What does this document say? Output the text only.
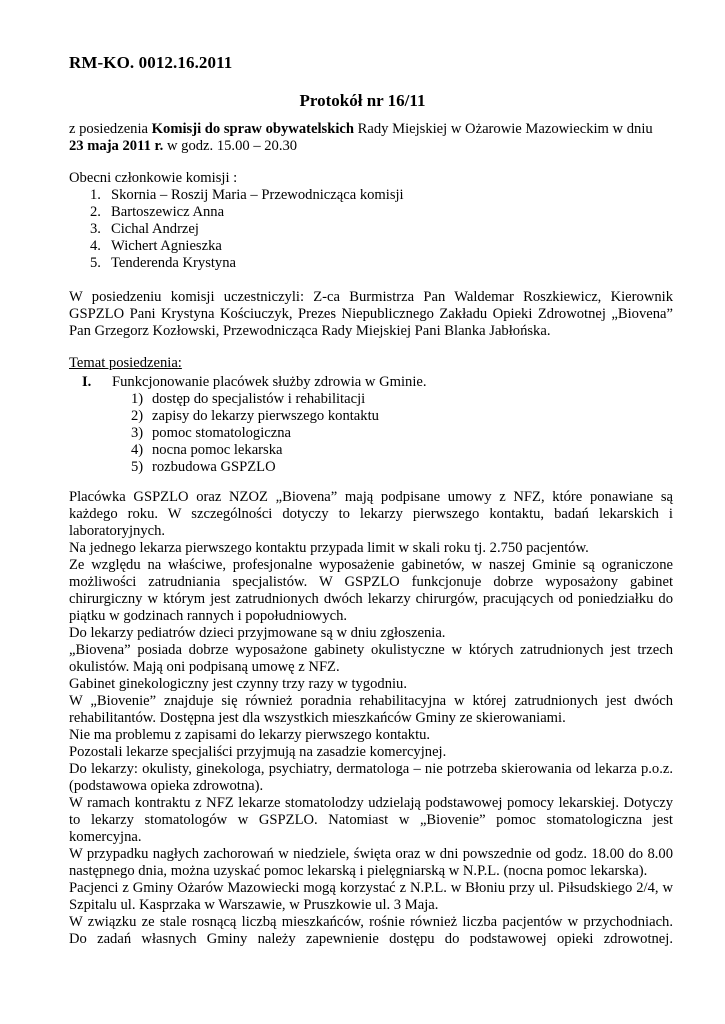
RM-KO. 0012.16.2011
Protokół nr 16/11
z posiedzenia Komisji do spraw obywatelskich Rady Miejskiej w Ożarowie Mazowieckim w dniu
23 maja 2011 r. w godz. 15.00 – 20.30
Obecni członkowie komisji :
1. Skornia – Roszij Maria – Przewodnicząca komisji
2. Bartoszewicz Anna
3. Cichal Andrzej
4. Wichert Agnieszka
5. Tenderenda Krystyna
W posiedzeniu komisji uczestniczyli: Z-ca Burmistrza Pan Waldemar Roszkiewicz, Kierownik
GSPZLO Pani Krystyna Kościuczyk, Prezes Niepublicznego Zakładu Opieki Zdrowotnej „Biovena”
Pan Grzegorz Kozłowski, Przewodnicząca Rady Miejskiej Pani Blanka Jabłońska.
Temat posiedzenia:
I. Funkcjonowanie placówek służby zdrowia w Gminie.
1) dostęp do specjalistów i rehabilitacji
2) zapisy do lekarzy pierwszego kontaktu
3) pomoc stomatologiczna
4) nocna pomoc lekarska
5) rozbudowa GSPZLO
Placówka GSPZLO oraz NZOZ „Biovena” mają podpisane umowy z NFZ, które ponawiane są
każdego roku. W szczególności dotyczy to lekarzy pierwszego kontaktu, badań lekarskich i
laboratoryjnych.
Na jednego lekarza pierwszego kontaktu przypada limit w skali roku tj. 2.750 pacjentów.
Ze względu na właściwe, profesjonalne wyposażenie gabinetów, w naszej Gminie są ograniczone
możliwości zatrudniania specjalistów. W GSPZLO funkcjonuje dobrze wyposażony gabinet
chirurgiczny w którym jest zatrudnionych dwóch lekarzy chirurgów, pracujących od poniedziałku do
piątku w godzinach rannych i popołudniowych.
Do lekarzy pediatrów dzieci przyjmowane są w dniu zgłoszenia.
„Biovena” posiada dobrze wyposażone gabinety okulistyczne w których zatrudnionych jest trzech
okulistów. Mają oni podpisaną umowę z NFZ.
Gabinet ginekologiczny jest czynny trzy razy w tygodniu.
W „Biovenie” znajduje się również poradnia rehabilitacyjna w której zatrudnionych jest dwóch
rehabilitantów. Dostępna jest dla wszystkich mieszkańców Gminy ze skierowaniami.
Nie ma problemu z zapisami do lekarzy pierwszego kontaktu.
Pozostali lekarze specjaliści przyjmują na zasadzie komercyjnej.
Do lekarzy: okulisty, ginekologa, psychiatry, dermatologa – nie potrzeba skierowania od lekarza p.o.z.
(podstawowa opieka zdrowotna).
W ramach kontraktu z NFZ lekarze stomatolodzy udzielają podstawowej pomocy lekarskiej. Dotyczy
to lekarzy stomatologów w GSPZLO. Natomiast w „Biovenie” pomoc stomatologiczna jest
komercyjna.
W przypadku nagłych zachorowań w niedziele, święta oraz w dni powszednie od godz. 18.00 do 8.00
następnego dnia, można uzyskać pomoc lekarską i pielęgniarską w N.P.L. (nocna pomoc lekarska).
Pacjenci z Gminy Ożarów Mazowiecki mogą korzystać z N.P.L. w Błoniu przy ul. Piłsudskiego 2/4, w
Szpitalu ul. Kasprzaka w Warszawie, w Pruszkowie ul. 3 Maja.
W związku ze stale rosnącą liczbą mieszkańców, rośnie również liczba pacjentów w przychodniach.
Do zadań własnych Gminy należy zapewnienie dostępu do podstawowej opieki zdrowotnej.
